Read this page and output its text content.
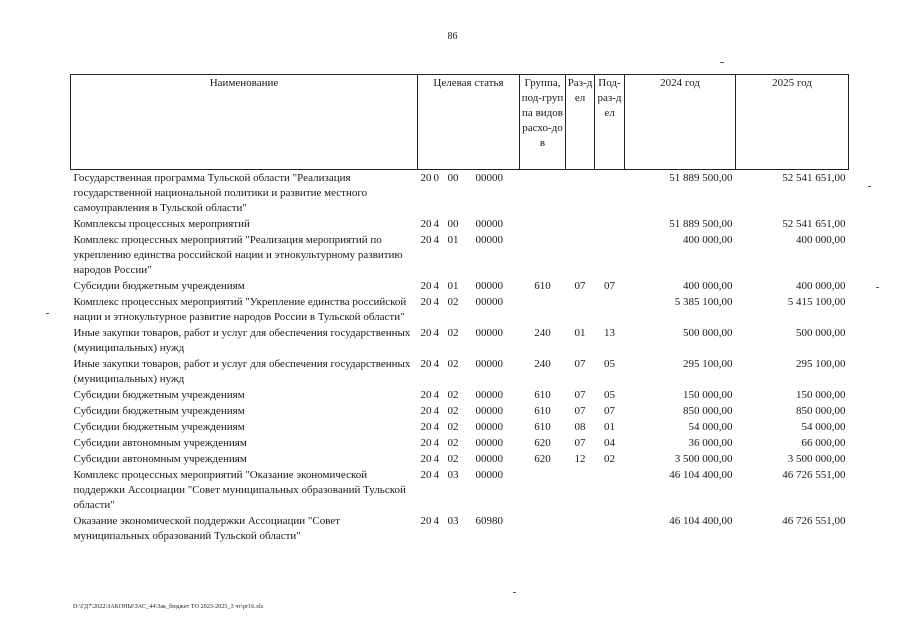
86
Наименование	Целевая статья	Группа, под-группа видов расхо-дов	Раз-дел	Под-раз-дел	2024 год	2025 год
Государственная программа Тульской области "Реализация государственной национальной политики и развитие местного самоуправления в Тульской области"	20 0 00 00000				51 889 500,00	52 541 651,00
Комплексы процессных мероприятий	20 4 00 00000				51 889 500,00	52 541 651,00
Комплекс процессных мероприятий "Реализация мероприятий по укреплению единства российской нации и этнокультурному развитию народов России"	20 4 01 00000				400 000,00	400 000,00
Субсидии бюджетным учреждениям	20 4 01 00000	610	07	07	400 000,00	400 000,00
Комплекс процессных мероприятий "Укрепление единства российской нации и этнокультурное развитие народов России в Тульской области"	20 4 02 00000				5 385 100,00	5 415 100,00
Иные закупки товаров, работ и услуг для обеспечения государственных (муниципальных) нужд	20 4 02 00000	240	01	13	500 000,00	500 000,00
Иные закупки товаров, работ и услуг для обеспечения государственных (муниципальных) нужд	20 4 02 00000	240	07	05	295 100,00	295 100,00
Субсидии бюджетным учреждениям	20 4 02 00000	610	07	05	150 000,00	150 000,00
Субсидии бюджетным учреждениям	20 4 02 00000	610	07	07	850 000,00	850 000,00
Субсидии бюджетным учреждениям	20 4 02 00000	610	08	01	54 000,00	54 000,00
Субсидии автономным учреждениям	20 4 02 00000	620	07	04	36 000,00	66 000,00
Субсидии автономным учреждениям	20 4 02 00000	620	12	02	3 500 000,00	3 500 000,00
Комплекс процессных мероприятий "Оказание экономической поддержки Ассоциации "Совет муниципальных образований Тульской области"	20 4 03 00000				46 104 400,00	46 726 551,00
Оказание экономической поддержки Ассоциации "Совет муниципальных образований Тульской области"	20 4 03 60980				46 104 400,00	46 726 551,00
D:\ГД7\2022\ЗАКОНЫ\ЗАС_44\Зак_бюджет ТО 2023-2025_3 чт\pr16.xls
